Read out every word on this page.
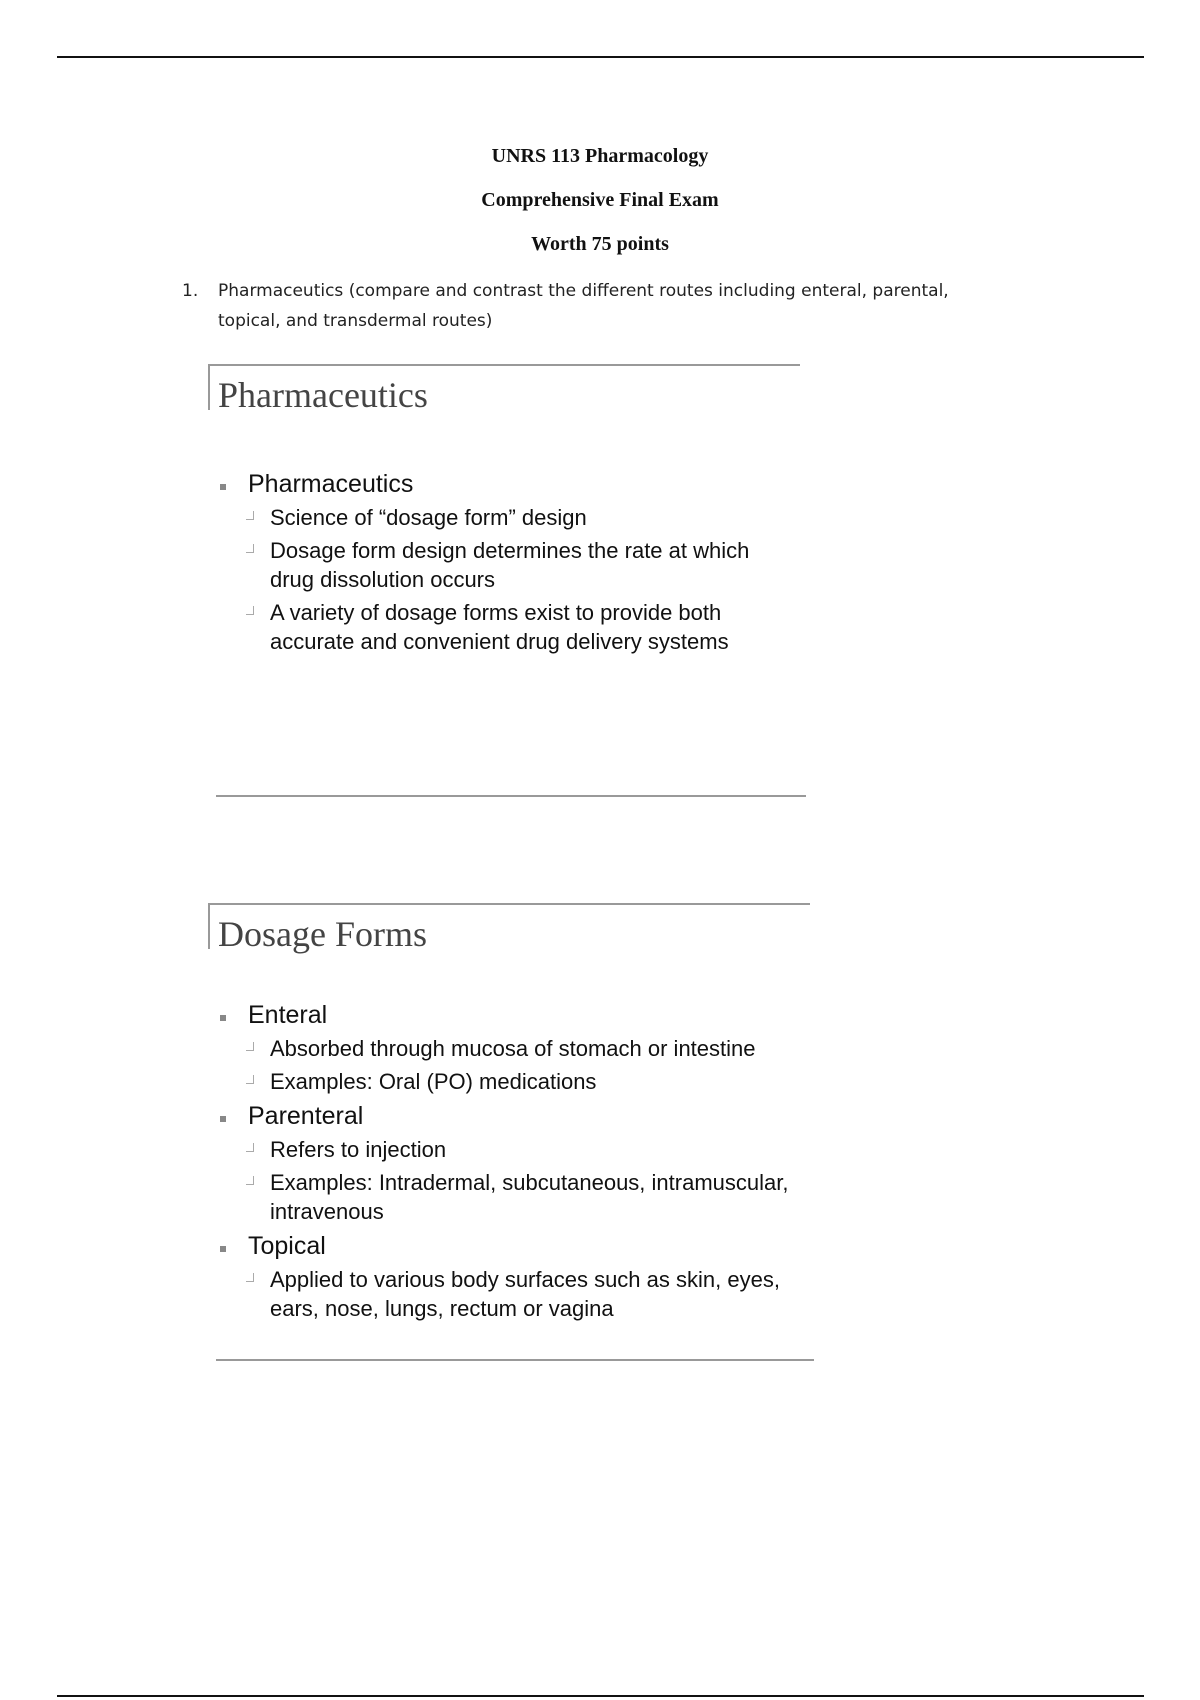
UNRS 113 Pharmacology
Comprehensive Final Exam
Worth 75 points
1. Pharmaceutics (compare and contrast the different routes including enteral, parental, topical, and transdermal routes)
Pharmaceutics
Pharmaceutics
Science of “dosage form” design
Dosage form design determines the rate at which drug dissolution occurs
A variety of dosage forms exist to provide both accurate and convenient drug delivery systems
Dosage Forms
Enteral
Absorbed through mucosa of stomach or intestine
Examples: Oral (PO) medications
Parenteral
Refers to injection
Examples: Intradermal, subcutaneous, intramuscular, intravenous
Topical
Applied to various body surfaces such as skin, eyes, ears, nose, lungs, rectum or vagina
